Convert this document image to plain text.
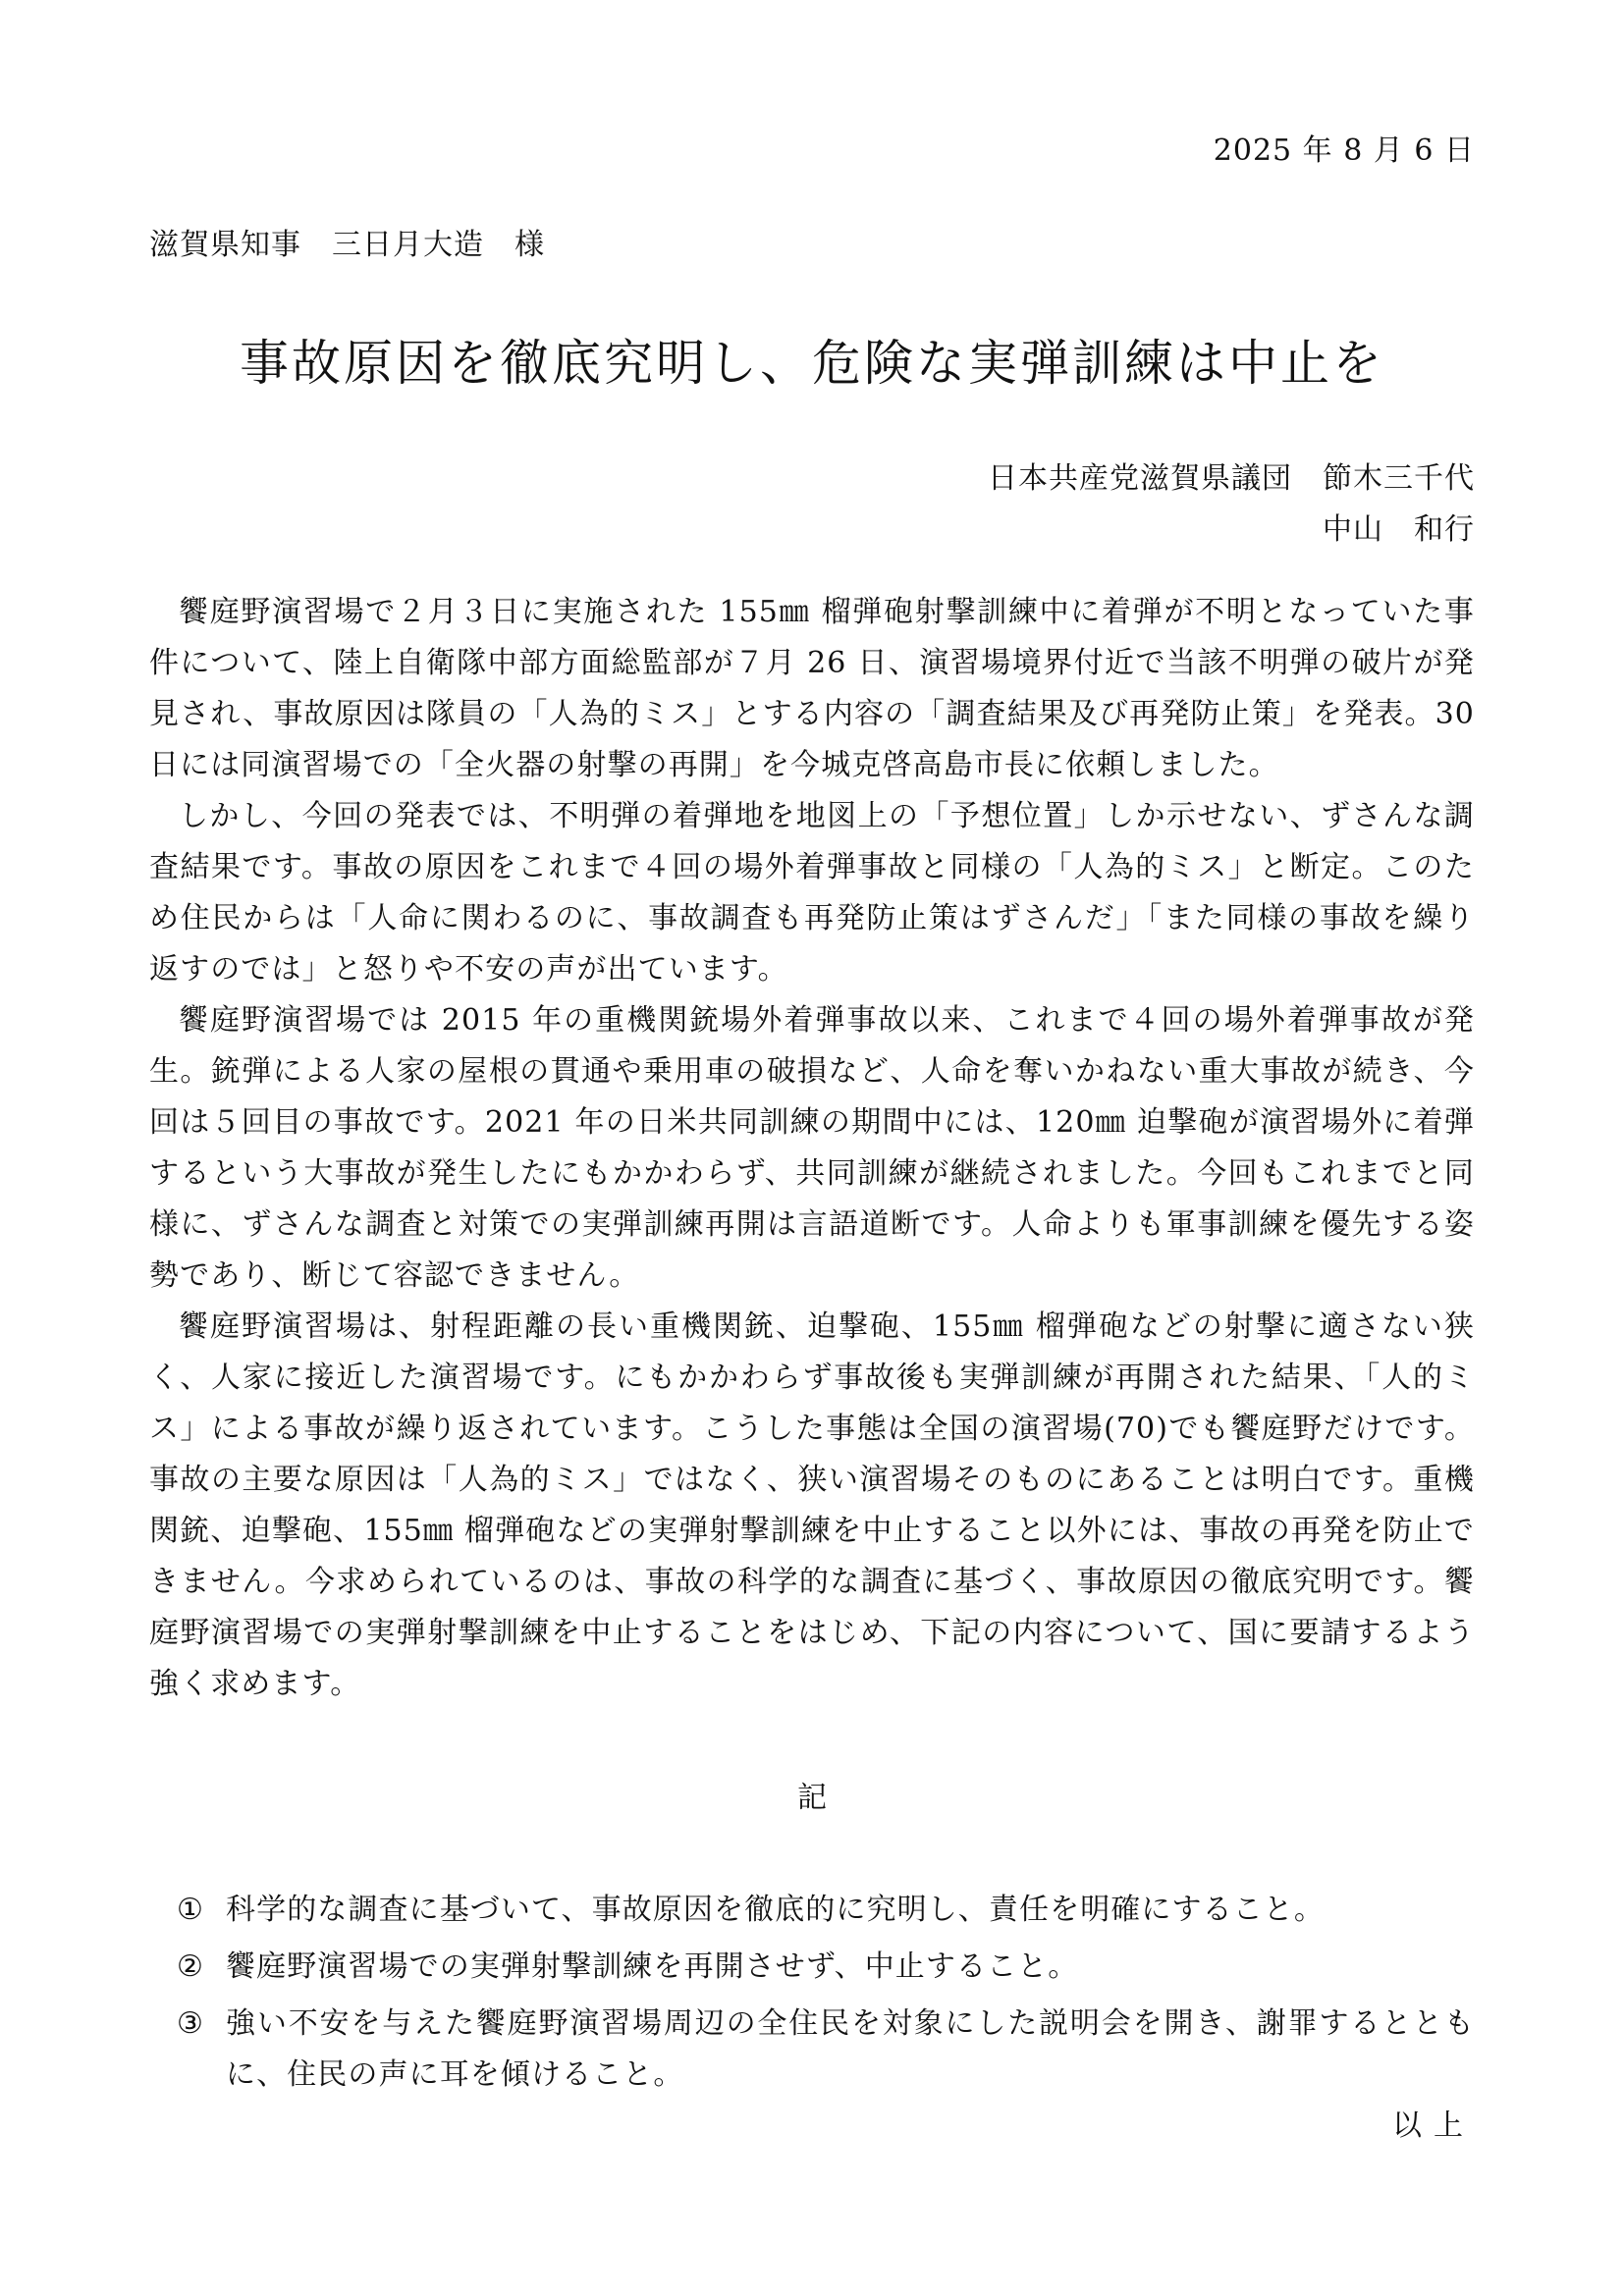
2025 年 8 月 6 日
滋賀県知事　三日月大造　様
事故原因を徹底究明し、危険な実弾訓練は中止を
日本共産党滋賀県議団　節木三千代
中山　和行

饗庭野演習場で２月３日に実施された 155㎜ 榴弾砲射撃訓練中に着弾が不明となっていた事件について、陸上自衛隊中部方面総監部が７月 26 日、演習場境界付近で当該不明弾の破片が発見され、事故原因は隊員の「人為的ミス」とする内容の「調査結果及び再発防止策」を発表。30 日には同演習場での「全火器の射撃の再開」を今城克啓高島市長に依頼しました。

しかし、今回の発表では、不明弾の着弾地を地図上の「予想位置」しか示せない、ずさんな調査結果です。事故の原因をこれまで４回の場外着弾事故と同様の「人為的ミス」と断定。このため住民からは「人命に関わるのに、事故調査も再発防止策はずさんだ」「また同様の事故を繰り返すのでは」と怒りや不安の声が出ています。

饗庭野演習場では 2015 年の重機関銃場外着弾事故以来、これまで４回の場外着弾事故が発生。銃弾による人家の屋根の貫通や乗用車の破損など、人命を奪いかねない重大事故が続き、今回は５回目の事故です。2021 年の日米共同訓練の期間中には、120㎜ 迫撃砲が演習場外に着弾するという大事故が発生したにもかかわらず、共同訓練が継続されました。今回もこれまでと同様に、ずさんな調査と対策での実弾訓練再開は言語道断です。人命よりも軍事訓練を優先する姿勢であり、断じて容認できません。

饗庭野演習場は、射程距離の長い重機関銃、迫撃砲、155㎜ 榴弾砲などの射撃に適さない狭く、人家に接近した演習場です。にもかかわらず事故後も実弾訓練が再開された結果、「人的ミス」による事故が繰り返されています。こうした事態は全国の演習場(70)でも饗庭野だけです。事故の主要な原因は「人為的ミス」ではなく、狭い演習場そのものにあることは明白です。重機関銃、迫撃砲、155㎜ 榴弾砲などの実弾射撃訓練を中止すること以外には、事故の再発を防止できません。今求められているのは、事故の科学的な調査に基づく、事故原因の徹底究明です。饗庭野演習場での実弾射撃訓練を中止することをはじめ、下記の内容について、国に要請するよう強く求めます。

記
① 科学的な調査に基づいて、事故原因を徹底的に究明し、責任を明確にすること。
② 饗庭野演習場での実弾射撃訓練を再開させず、中止すること。
③ 強い不安を与えた饗庭野演習場周辺の全住民を対象にした説明会を開き、謝罪するとともに、住民の声に耳を傾けること。
以上
